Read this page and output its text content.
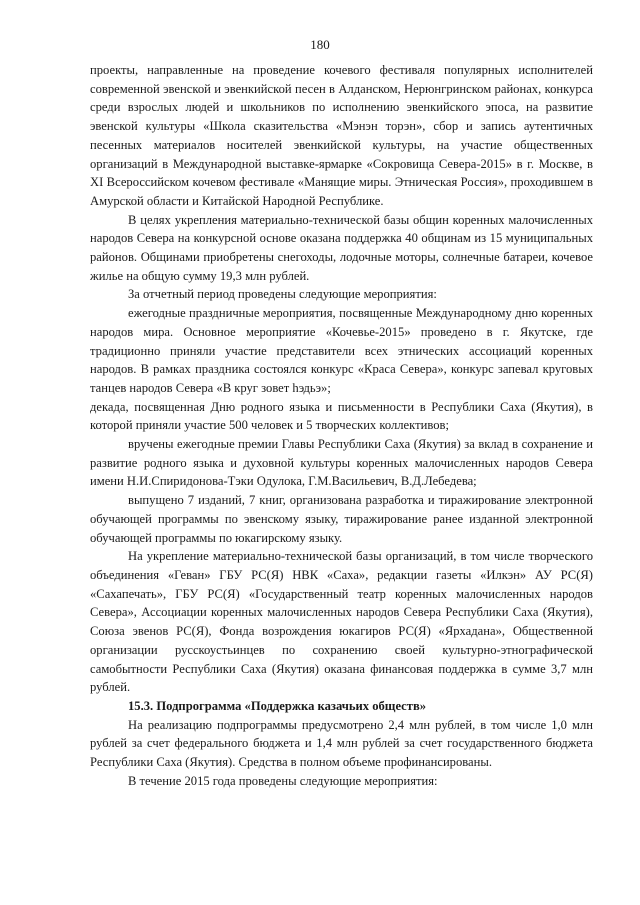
180

проекты, направленные на проведение кочевого фестиваля популярных исполнителей современной эвенской и эвенкийской песен в Алданском, Нерюнгринском районах, конкурса среди взрослых людей и школьников по исполнению эвенкийского эпоса, на развитие эвенской культуры «Школа сказительства «Мэнэн торэн», сбор и запись аутентичных песенных материалов носителей эвенкийской культуры, на участие общественных организаций в Международной выставке-ярмарке «Сокровища Севера-2015» в г. Москве, в XI Всероссийском кочевом фестивале «Манящие миры. Этническая Россия», проходившем в Амурской области и Китайской Народной Республике.

В целях укрепления материально-технической базы общин коренных малочисленных народов Севера на конкурсной основе оказана поддержка 40 общинам из 15 муниципальных районов. Общинами приобретены снегоходы, лодочные моторы, солнечные батареи, кочевое жилье на общую сумму 19,3 млн рублей.

За отчетный период проведены следующие мероприятия:

ежегодные праздничные мероприятия, посвященные Международному дню коренных народов мира. Основное мероприятие «Кочевье-2015» проведено в г. Якутске, где традиционно приняли участие представители всех этнических ассоциаций коренных народов. В рамках праздника состоялся конкурс «Краса Севера», конкурс запевал круговых танцев народов Севера «В круг зовет һэдьэ»;

декада, посвященная Дню родного языка и письменности в Республики Саха (Якутия), в которой приняли участие 500 человек и 5 творческих коллективов;

вручены ежегодные премии Главы Республики Саха (Якутия) за вклад в сохранение и развитие родного языка и духовной культуры коренных малочисленных народов Севера имени Н.И.Спиридонова-Тэки Одулока, Г.М.Васильевич, В.Д.Лебедева;

выпущено 7 изданий, 7 книг, организована разработка и тиражирование электронной обучающей программы по эвенскому языку, тиражирование ранее изданной электронной обучающей программы по юкагирскому языку.

На укрепление материально-технической базы организаций, в том числе творческого объединения «Геван» ГБУ РС(Я) НВК «Саха», редакции газеты «Илкэн» АУ РС(Я) «Сахапечать», ГБУ РС(Я) «Государственный театр коренных малочисленных народов Севера», Ассоциации коренных малочисленных народов Севера Республики Саха (Якутия), Союза эвенов РС(Я), Фонда возрождения юкагиров РС(Я) «Ярхадана», Общественной организации русскоустьинцев по сохранению своей культурно-этнографической самобытности Республики Саха (Якутия) оказана финансовая поддержка в сумме 3,7 млн рублей.

15.3. Подпрограмма «Поддержка казачьих обществ»

На реализацию подпрограммы предусмотрено 2,4 млн рублей, в том числе 1,0 млн рублей за счет федерального бюджета и 1,4 млн рублей за счет государственного бюджета Республики Саха (Якутия). Средства в полном объеме профинансированы.

В течение 2015 года проведены следующие мероприятия:
